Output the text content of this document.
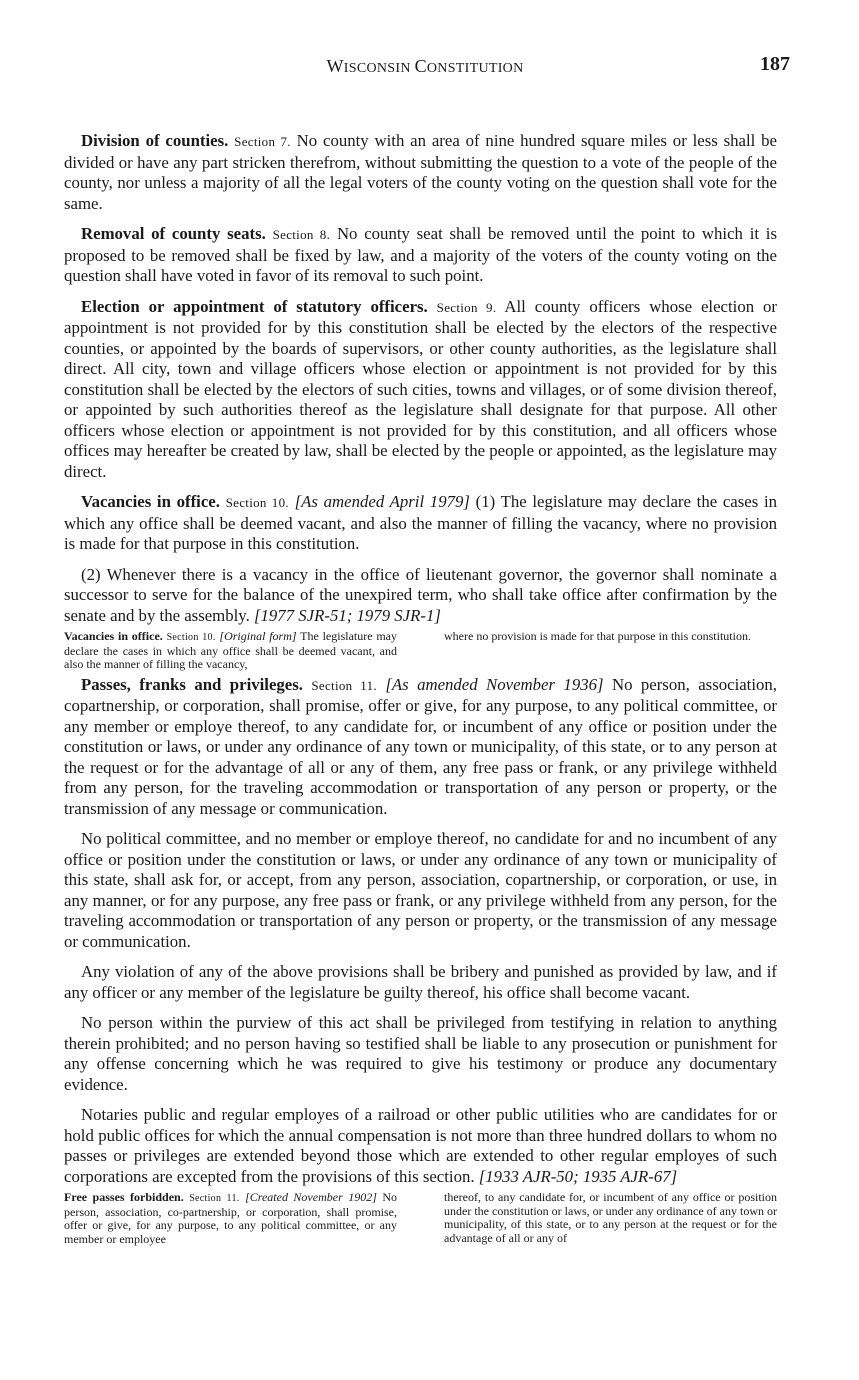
WISCONSIN CONSTITUTION	187

Division of counties. Section 7. No county with an area of nine hundred square miles or less shall be divided or have any part stricken therefrom, without submitting the question to a vote of the people of the county, nor unless a majority of all the legal voters of the county voting on the question shall vote for the same.

Removal of county seats. Section 8. No county seat shall be removed until the point to which it is proposed to be removed shall be fixed by law, and a majority of the voters of the county voting on the question shall have voted in favor of its removal to such point.

Election or appointment of statutory officers. Section 9. All county officers whose election or appointment is not provided for by this constitution shall be elected by the electors of the respective counties, or appointed by the boards of supervisors, or other county authorities, as the legislature shall direct. All city, town and village officers whose election or appointment is not provided for by this constitution shall be elected by the electors of such cities, towns and villages, or of some division thereof, or appointed by such authorities thereof as the legislature shall designate for that purpose. All other officers whose election or appointment is not provided for by this constitution, and all officers whose offices may hereafter be created by law, shall be elected by the people or appointed, as the legislature may direct.

Vacancies in office. Section 10. [As amended April 1979] (1) The legislature may declare the cases in which any office shall be deemed vacant, and also the manner of filling the vacancy, where no provision is made for that purpose in this constitution.

(2) Whenever there is a vacancy in the office of lieutenant governor, the governor shall nominate a successor to serve for the balance of the unexpired term, who shall take office after confirmation by the senate and by the assembly. [1977 SJR-51; 1979 SJR-1]

Vacancies in office. Section 10. [Original form] The legislature may declare the cases in which any office shall be deemed vacant, and also the manner of filling the vacancy,
where no provision is made for that purpose in this constitution.

Passes, franks and privileges. Section 11. [As amended November 1936] No person, association, copartnership, or corporation, shall promise, offer or give, for any purpose, to any political committee, or any member or employe thereof, to any candidate for, or incumbent of any office or position under the constitution or laws, or under any ordinance of any town or municipality, of this state, or to any person at the request or for the advantage of all or any of them, any free pass or frank, or any privilege withheld from any person, for the traveling accommodation or transportation of any person or property, or the transmission of any message or communication.

No political committee, and no member or employe thereof, no candidate for and no incumbent of any office or position under the constitution or laws, or under any ordinance of any town or municipality of this state, shall ask for, or accept, from any person, association, copartnership, or corporation, or use, in any manner, or for any purpose, any free pass or frank, or any privilege withheld from any person, for the traveling accommodation or transportation of any person or property, or the transmission of any message or communication.

Any violation of any of the above provisions shall be bribery and punished as provided by law, and if any officer or any member of the legislature be guilty thereof, his office shall become vacant.

No person within the purview of this act shall be privileged from testifying in relation to anything therein prohibited; and no person having so testified shall be liable to any prosecution or punishment for any offense concerning which he was required to give his testimony or produce any documentary evidence.

Notaries public and regular employes of a railroad or other public utilities who are candidates for or hold public offices for which the annual compensation is not more than three hundred dollars to whom no passes or privileges are extended beyond those which are extended to other regular employes of such corporations are excepted from the provisions of this section. [1933 AJR-50; 1935 AJR-67]

Free passes forbidden. Section 11. [Created November 1902] No person, association, co-partnership, or corporation, shall promise, offer or give, for any purpose, to any political committee, or any member or employee
thereof, to any candidate for, or incumbent of any office or position under the constitution or laws, or under any ordinance of any town or municipality, of this state, or to any person at the request or for the advantage of all or any of
